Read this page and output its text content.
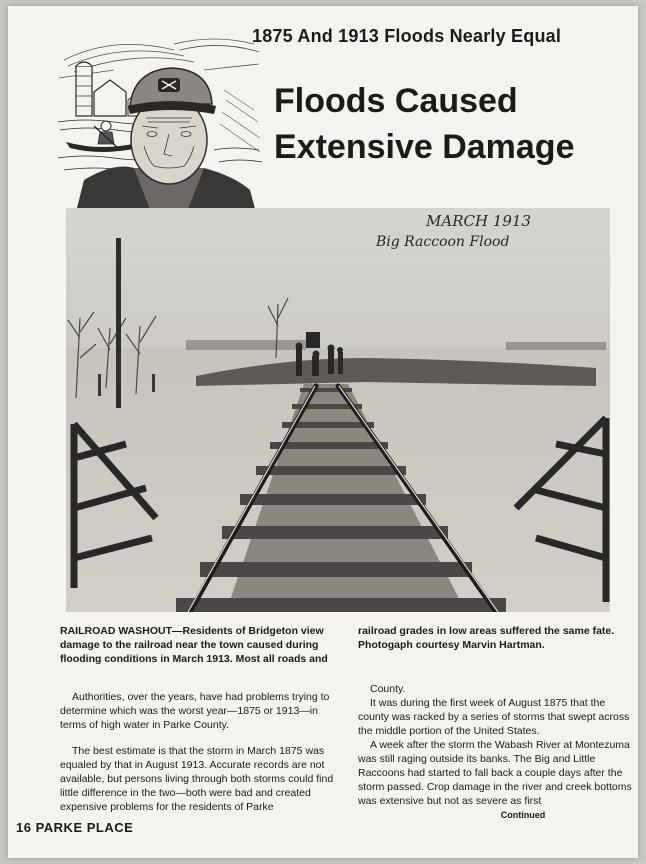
1875 And 1913 Floods Nearly Equal
Floods Caused
Extensive Damage
MARCH 1913
Big Raccoon Flood
RAILROAD WASHOUT—Residents of Bridgeton view damage to the railroad near the town caused during flooding conditions in March 1913. Most all roads and
railroad grades in low areas suffered the same fate. Photogaph courtesy Marvin Hartman.

Authorities, over the years, have had problems trying to determine which was the worst year—1875 or 1913—in terms of high water in Parke County.

The best estimate is that the storm in March 1875 was equaled by that in August 1913. Accurate records are not available, but persons living through both storms could find little difference in the two—both were bad and created expensive problems for the residents of Parke

County.

It was during the first week of August 1875 that the county was racked by a series of storms that swept across the middle portion of the United States.

A week after the storm the Wabash River at Montezuma was still raging outside its banks. The Big and Little Raccoons had started to fall back a couple days after the storm passed. Crop damage in the river and creek bottoms was extensive but not as severe as first

Continued
16 PARKE PLACE
